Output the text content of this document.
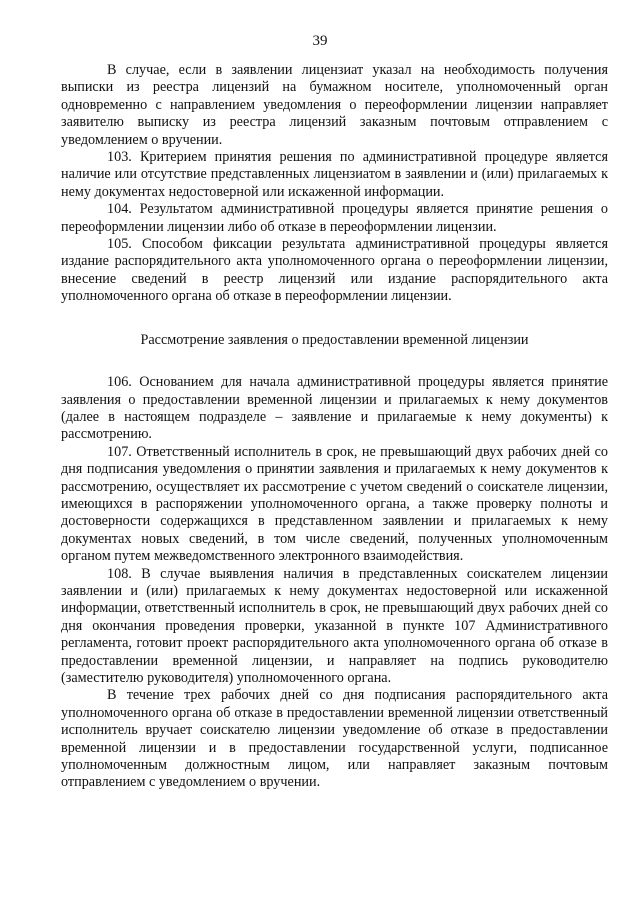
39

В случае, если в заявлении лицензиат указал на необходимость получения выписки из реестра лицензий на бумажном носителе, уполномоченный орган одновременно с направлением уведомления о переоформлении лицензии направляет заявителю выписку из реестра лицензий заказным почтовым отправлением с уведомлением о вручении.

103. Критерием принятия решения по административной процедуре является наличие или отсутствие представленных лицензиатом в заявлении и (или) прилагаемых к нему документах недостоверной или искаженной информации.

104. Результатом административной процедуры является принятие решения о переоформлении лицензии либо об отказе в переоформлении лицензии.

105. Способом фиксации результата административной процедуры является издание распорядительного акта уполномоченного органа о переоформлении лицензии, внесение сведений в реестр лицензий или издание распорядительного акта уполномоченного органа об отказе в переоформлении лицензии.

Рассмотрение заявления о предоставлении временной лицензии

106. Основанием для начала административной процедуры является принятие заявления о предоставлении временной лицензии и прилагаемых к нему документов (далее в настоящем подразделе – заявление и прилагаемые к нему документы) к рассмотрению.

107. Ответственный исполнитель в срок, не превышающий двух рабочих дней со дня подписания уведомления о принятии заявления и прилагаемых к нему документов к рассмотрению, осуществляет их рассмотрение с учетом сведений о соискателе лицензии, имеющихся в распоряжении уполномоченного органа, а также проверку полноты и достоверности содержащихся в представленном заявлении и прилагаемых к нему документах новых сведений, в том числе сведений, полученных уполномоченным органом путем межведомственного электронного взаимодействия.

108. В случае выявления наличия в представленных соискателем лицензии заявлении и (или) прилагаемых к нему документах недостоверной или искаженной информации, ответственный исполнитель в срок, не превышающий двух рабочих дней со дня окончания проведения проверки, указанной в пункте 107 Административного регламента, готовит проект распорядительного акта уполномоченного органа об отказе в предоставлении временной лицензии, и направляет на подпись руководителю (заместителю руководителя) уполномоченного органа.

В течение трех рабочих дней со дня подписания распорядительного акта уполномоченного органа об отказе в предоставлении временной лицензии ответственный исполнитель вручает соискателю лицензии уведомление об отказе в предоставлении временной лицензии и в предоставлении государственной услуги, подписанное уполномоченным должностным лицом, или направляет заказным почтовым отправлением с уведомлением о вручении.
